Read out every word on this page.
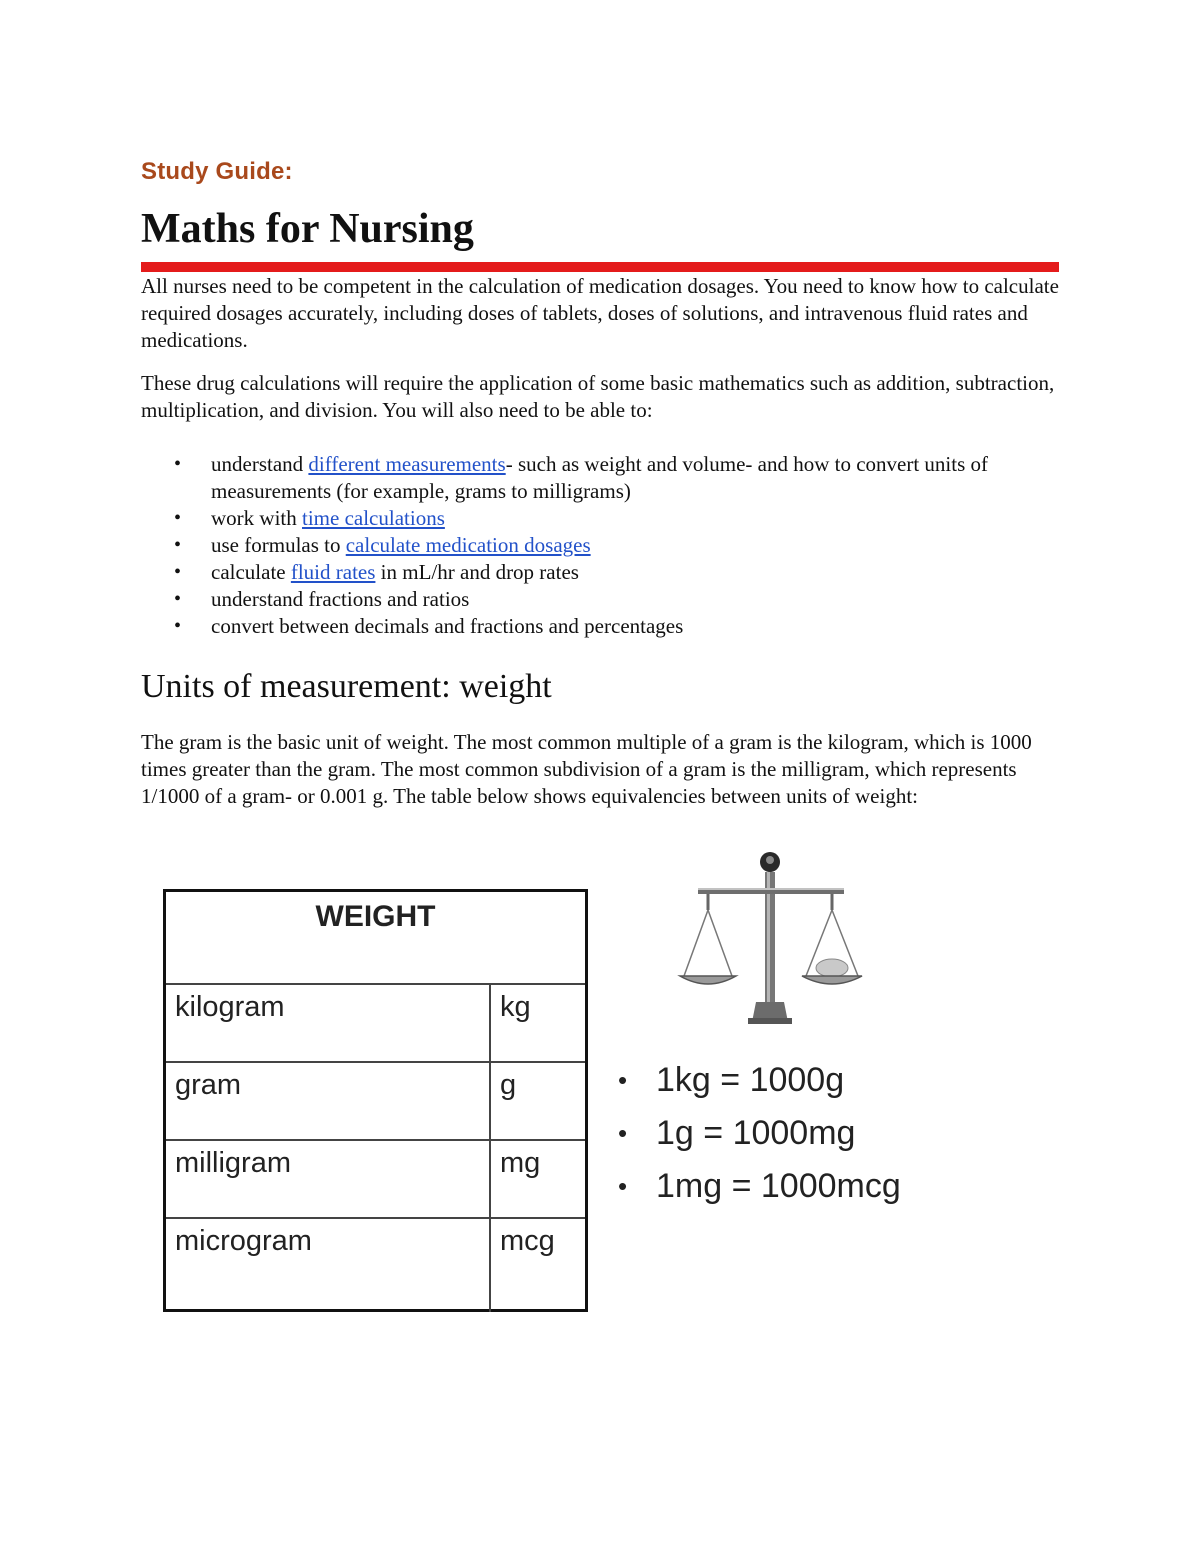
Study Guide:
Maths for Nursing

All nurses need to be competent in the calculation of medication dosages. You need to know how to calculate required dosages accurately, including doses of tablets, doses of solutions, and intravenous fluid rates and medications.

These drug calculations will require the application of some basic mathematics such as addition, subtraction, multiplication, and division. You will also need to be able to:

• understand different measurements- such as weight and volume- and how to convert units of measurements (for example, grams to milligrams)
• work with time calculations
• use formulas to calculate medication dosages
• calculate fluid rates in mL/hr and drop rates
• understand fractions and ratios
• convert between decimals and fractions and percentages
Units of measurement: weight

The gram is the basic unit of weight. The most common multiple of a gram is the kilogram, which is 1000 times greater than the gram. The most common subdivision of a gram is the milligram, which represents 1/1000 of a gram- or 0.001 g. The table below shows equivalencies between units of weight:

WEIGHT
kilogram	kg
gram	g
milligram	mg
microgram	mcg
• 1kg = 1000g
• 1g = 1000mg
• 1mg = 1000mcg
